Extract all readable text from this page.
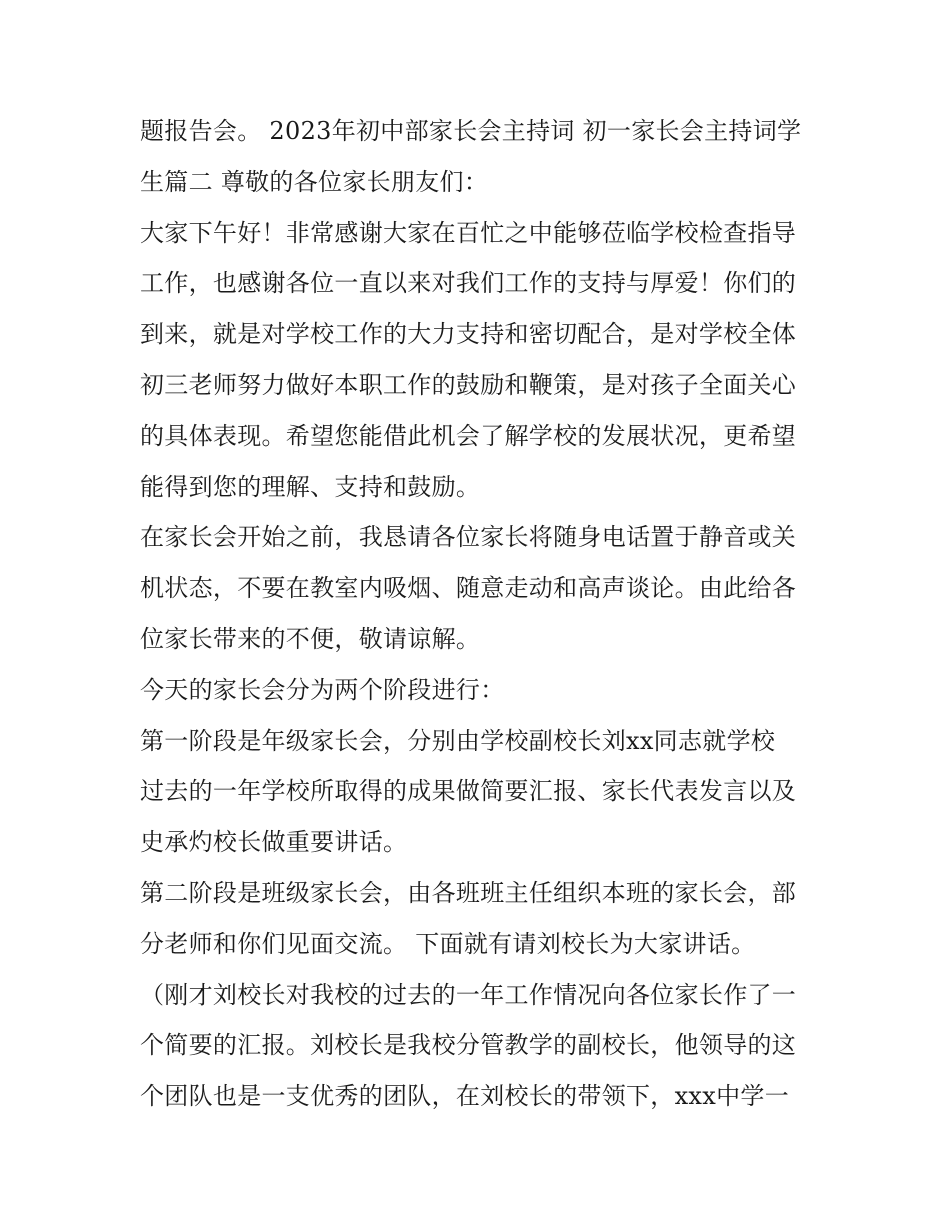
题报告会。 2023年初中部家长会主持词 初一家长会主持词学
生篇二 尊敬的各位家长朋友们：
大家下午好！非常感谢大家在百忙之中能够莅临学校检查指导
工作，也感谢各位一直以来对我们工作的支持与厚爱！你们的
到来，就是对学校工作的大力支持和密切配合，是对学校全体
初三老师努力做好本职工作的鼓励和鞭策，是对孩子全面关心
的具体表现。希望您能借此机会了解学校的发展状况，更希望
能得到您的理解、支持和鼓励。
在家长会开始之前，我恳请各位家长将随身电话置于静音或关
机状态，不要在教室内吸烟、随意走动和高声谈论。由此给各
位家长带来的不便，敬请谅解。
今天的家长会分为两个阶段进行：
第一阶段是年级家长会，分别由学校副校长刘xx同志就学校
过去的一年学校所取得的成果做简要汇报、家长代表发言以及
史承灼校长做重要讲话。
第二阶段是班级家长会，由各班班主任组织本班的家长会，部
分老师和你们见面交流。 下面就有请刘校长为大家讲话。
（刚才刘校长对我校的过去的一年工作情况向各位家长作了一
个简要的汇报。刘校长是我校分管教学的副校长，他领导的这
个团队也是一支优秀的团队，在刘校长的带领下，xxx中学一
